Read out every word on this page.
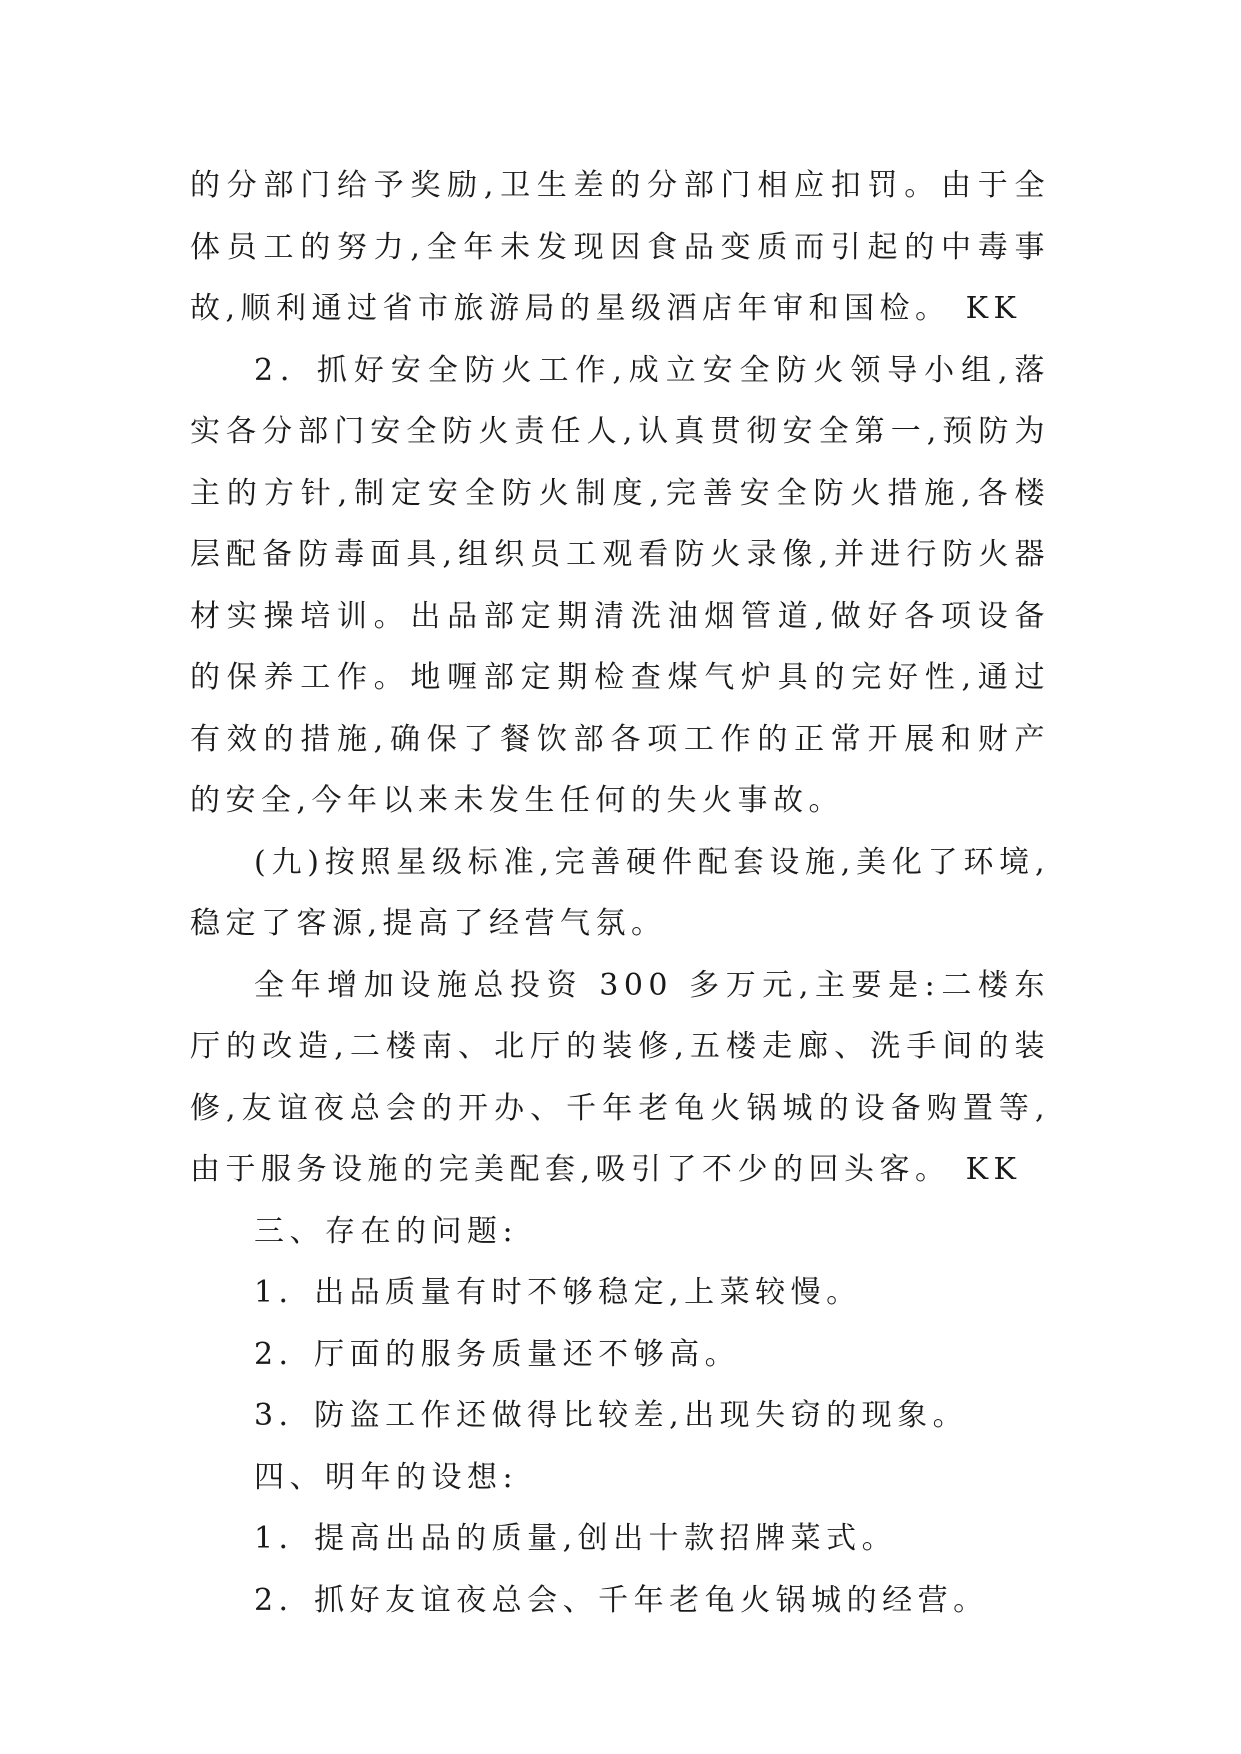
的分部门给予奖励,卫生差的分部门相应扣罚。由于全体员工的努力,全年未发现因食品变质而引起的中毒事故,顺利通过省市旅游局的星级酒店年审和国检。 KK

2．抓好安全防火工作,成立安全防火领导小组,落实各分部门安全防火责任人,认真贯彻安全第一,预防为主的方针,制定安全防火制度,完善安全防火措施,各楼层配备防毒面具,组织员工观看防火录像,并进行防火器材实操培训。出品部定期清洗油烟管道,做好各项设备的保养工作。地喱部定期检查煤气炉具的完好性,通过有效的措施,确保了餐饮部各项工作的正常开展和财产的安全,今年以来未发生任何的失火事故。

(九)按照星级标准,完善硬件配套设施,美化了环境,稳定了客源,提高了经营气氛。

全年增加设施总投资 300 多万元,主要是:二楼东厅的改造,二楼南、北厅的装修,五楼走廊、洗手间的装修,友谊夜总会的开办、千年老龟火锅城的设备购置等,由于服务设施的完美配套,吸引了不少的回头客。 KK

三、存在的问题:

1．出品质量有时不够稳定,上菜较慢。

2．厅面的服务质量还不够高。

3．防盗工作还做得比较差,出现失窃的现象。

四、明年的设想:

1．提高出品的质量,创出十款招牌菜式。

2．抓好友谊夜总会、千年老龟火锅城的经营。
